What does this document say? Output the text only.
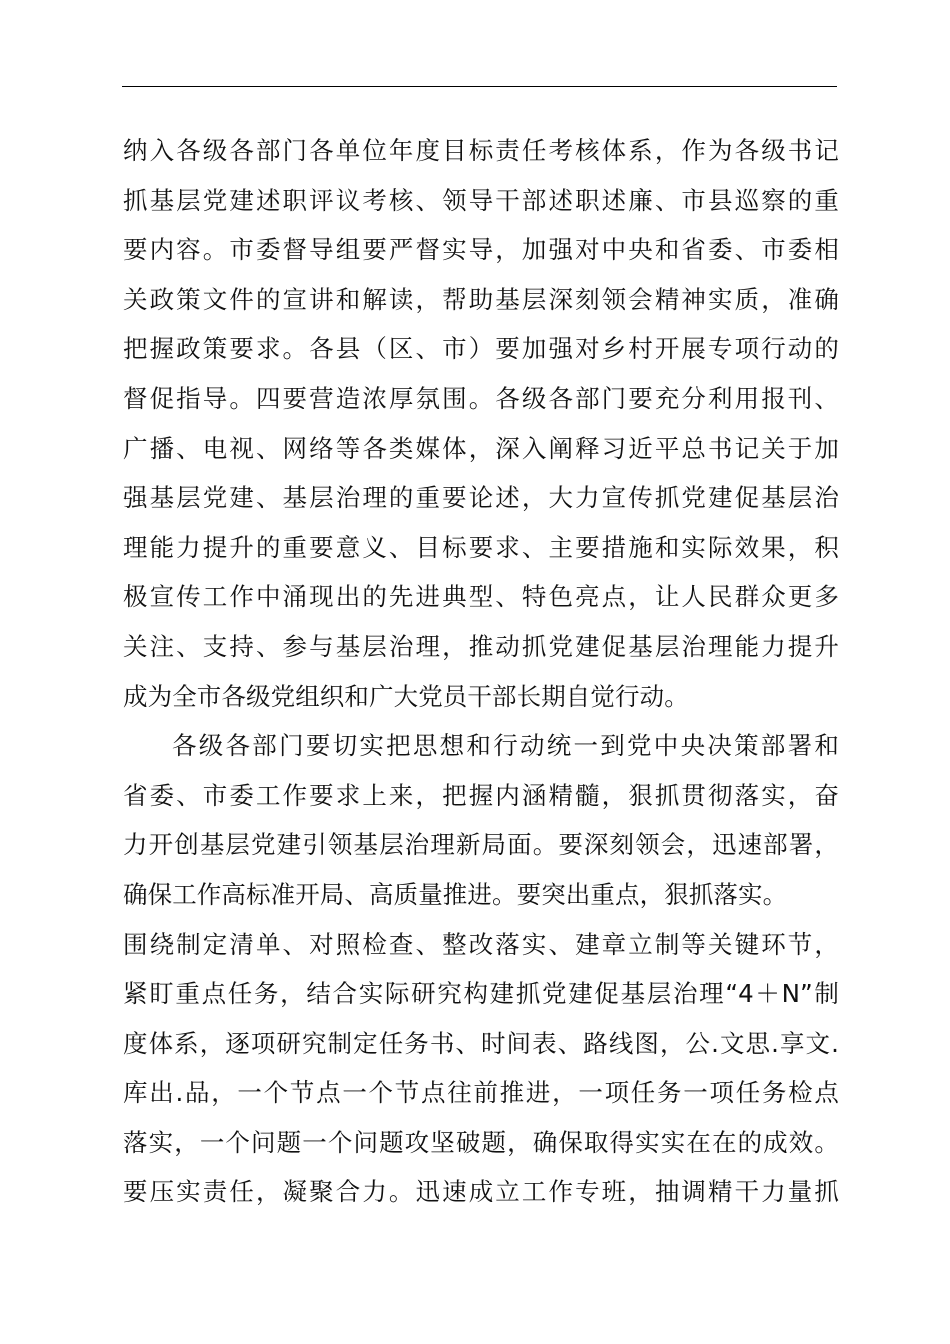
纳入各级各部门各单位年度目标责任考核体系，作为各级书记
抓基层党建述职评议考核、领导干部述职述廉、市县巡察的重
要内容。市委督导组要严督实导，加强对中央和省委、市委相
关政策文件的宣讲和解读，帮助基层深刻领会精神实质，准确
把握政策要求。各县（区、市）要加强对乡村开展专项行动的
督促指导。四要营造浓厚氛围。各级各部门要充分利用报刊、
广播、电视、网络等各类媒体，深入阐释习近平总书记关于加
强基层党建、基层治理的重要论述，大力宣传抓党建促基层治
理能力提升的重要意义、目标要求、主要措施和实际效果，积
极宣传工作中涌现出的先进典型、特色亮点，让人民群众更多
关注、支持、参与基层治理，推动抓党建促基层治理能力提升
成为全市各级党组织和广大党员干部长期自觉行动。
各级各部门要切实把思想和行动统一到党中央决策部署和
省委、市委工作要求上来，把握内涵精髓，狠抓贯彻落实，奋
力开创基层党建引领基层治理新局面。要深刻领会，迅速部署，
确保工作高标准开局、高质量推进。要突出重点，狠抓落实。
围绕制定清单、对照检查、整改落实、建章立制等关键环节，
紧盯重点任务，结合实际研究构建抓党建促基层治理“4＋N”制
度体系，逐项研究制定任务书、时间表、路线图，公.文思.享文.
库出.品，一个节点一个节点往前推进，一项任务一项任务检点
落实，一个问题一个问题攻坚破题，确保取得实实在在的成效。
要压实责任，凝聚合力。迅速成立工作专班，抽调精干力量抓
